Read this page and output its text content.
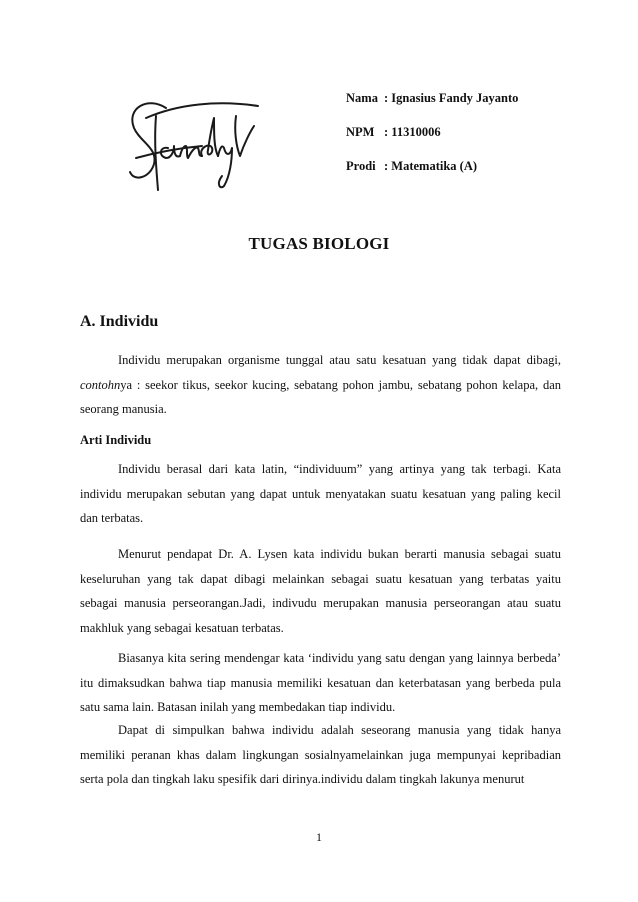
Nama : Ignasius Fandy Jayanto
NPM : 11310006
Prodi : Matematika (A)
TUGAS BIOLOGI
A. Individu

Individu merupakan organisme tunggal atau satu kesatuan yang tidak dapat dibagi, contohnya : seekor tikus, seekor kucing, sebatang pohon jambu, sebatang pohon kelapa, dan seorang manusia.

Arti Individu

Individu berasal dari kata latin, “individuum” yang artinya yang tak terbagi. Kata individu merupakan sebutan yang dapat untuk menyatakan suatu kesatuan yang paling kecil dan terbatas.

Menurut pendapat Dr. A. Lysen kata individu bukan berarti manusia sebagai suatu keseluruhan yang tak dapat dibagi melainkan sebagai suatu kesatuan yang terbatas yaitu sebagai manusia perseorangan.Jadi, indivudu merupakan manusia perseorangan atau suatu makhluk yang sebagai kesatuan terbatas.

Biasanya kita sering mendengar kata ‘individu yang satu dengan yang lainnya berbeda’ itu dimaksudkan bahwa tiap manusia memiliki kesatuan dan keterbatasan yang berbeda pula satu sama lain. Batasan inilah yang membedakan tiap individu.

Dapat di simpulkan bahwa individu adalah seseorang manusia yang tidak hanya memiliki peranan khas dalam lingkungan sosialnyamelainkan juga mempunyai kepribadian serta pola dan tingkah laku spesifik dari dirinya.individu dalam tingkah lakunya menurut

1
